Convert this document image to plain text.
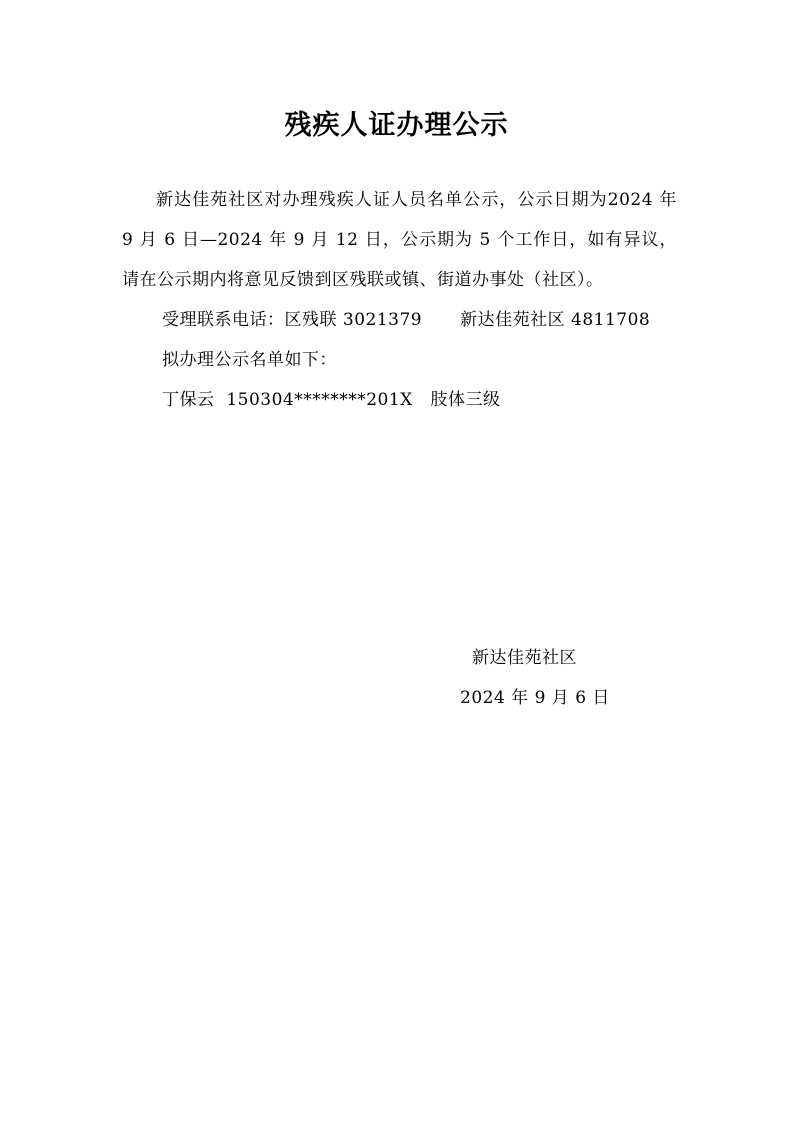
残疾人证办理公示

新达佳苑社区对办理残疾人证人员名单公示，公示日期为2024 年 9 月 6 日—2024 年 9 月 12 日，公示期为 5 个工作日，如有异议，请在公示期内将意见反馈到区残联或镇、街道办事处（社区）。

受理联系电话：区残联 3021379 新达佳苑社区 4811708

拟办理公示名单如下：

丁保云 150304********201X 肢体三级

新达佳苑社区

2024 年 9 月 6 日
